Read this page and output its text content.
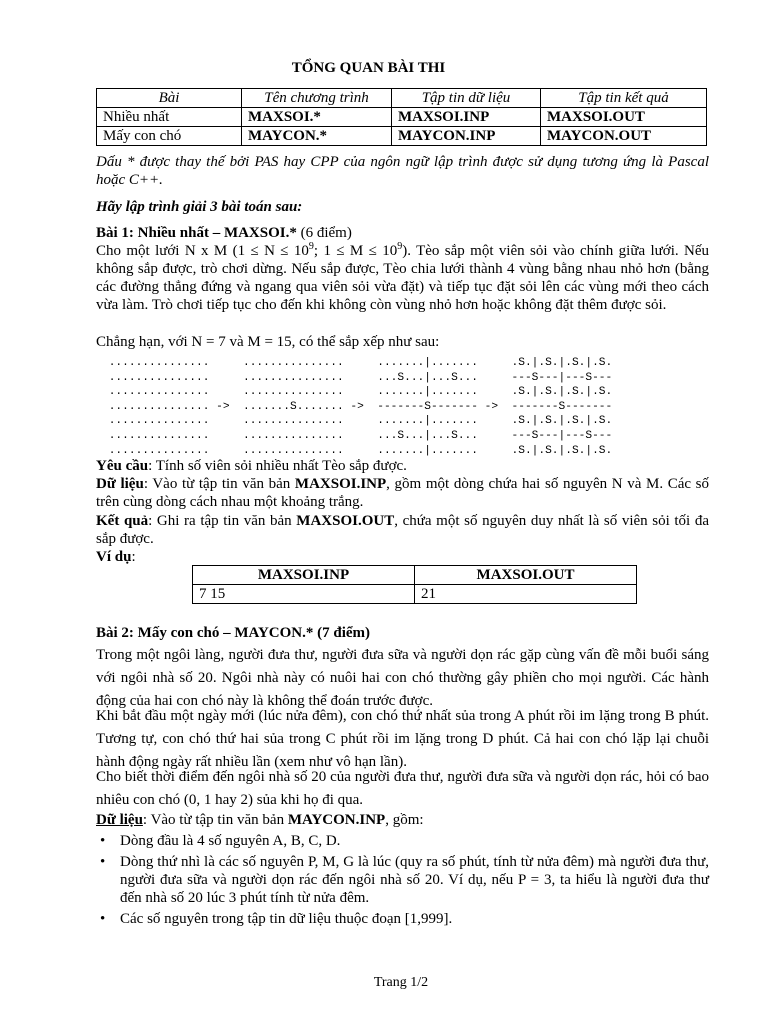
TỔNG QUAN BÀI THI
Bài	Tên chương trình	Tập tin dữ liệu	Tập tin kết quả
Nhiều nhất	MAXSOI.*	MAXSOI.INP	MAXSOI.OUT
Mấy con chó	MAYCON.*	MAYCON.INP	MAYCON.OUT
Dấu * được thay thế bởi PAS hay CPP của ngôn ngữ lập trình được sử dụng tương ứng là Pascal hoặc C++.
Hãy lập trình giải 3 bài toán sau:
Bài 1: Nhiều nhất – MAXSOI.* (6 điểm)
Cho một lưới N x M ($1 \le N \le 10^9$; $1 \le M \le 10^9$). Tèo sắp một viên sỏi vào chính giữa lưới. Nếu không sắp được, trò chơi dừng. Nếu sắp được, Tèo chia lưới thành 4 vùng bằng nhau nhỏ hơn (bằng các đường thẳng đứng và ngang qua viên sỏi vừa đặt) và tiếp tục đặt sỏi lên các vùng mới theo cách vừa làm. Trò chơi tiếp tục cho đến khi không còn vùng nhỏ hơn hoặc không đặt thêm được sỏi.
Chẳng hạn, với N = 7 và M = 15, có thể sắp xếp như sau:
...............     ...............     .......|.......     .S.|.S.|.S.|.S.
...............     ...............     ...S...|...S...     ---S---|---S---
...............     ...............     .......|.......     .S.|.S.|.S.|.S.
............... ->  .......S....... ->  -------S------- ->  -------S-------
...............     ...............     .......|.......     .S.|.S.|.S.|.S.
...............     ...............     ...S...|...S...     ---S---|---S---
...............     ...............     .......|.......     .S.|.S.|.S.|.S.
Yêu cầu: Tính số viên sỏi nhiều nhất Tèo sắp được.
Dữ liệu: Vào từ tập tin văn bản MAXSOI.INP, gồm một dòng chứa hai số nguyên N và M. Các số trên cùng dòng cách nhau một khoảng trắng.
Kết quả: Ghi ra tập tin văn bản MAXSOI.OUT, chứa một số nguyên duy nhất là số viên sỏi tối đa sắp được.
Ví dụ:
MAXSOI.INP	MAXSOI.OUT
7 15	21
Bài 2: Mấy con chó – MAYCON.* (7 điểm)
Trong một ngôi làng, người đưa thư, người đưa sữa và người dọn rác gặp cùng vấn đề mỗi buổi sáng với ngôi nhà số 20. Ngôi nhà này có nuôi hai con chó thường gây phiền cho mọi người. Các hành động của hai con chó này là không thể đoán trước được.
Khi bắt đầu một ngày mới (lúc nửa đêm), con chó thứ nhất sủa trong A phút rồi im lặng trong B phút. Tương tự, con chó thứ hai sủa trong C phút rồi im lặng trong D phút. Cả hai con chó lặp lại chuỗi hành động ngày rất nhiều lần (xem như vô hạn lần).
Cho biết thời điểm đến ngôi nhà số 20 của người đưa thư, người đưa sữa và người dọn rác, hỏi có bao nhiêu con chó (0, 1 hay 2) sủa khi họ đi qua.
Dữ liệu: Vào từ tập tin văn bản MAYCON.INP, gồm:
• Dòng đầu là 4 số nguyên A, B, C, D.
• Dòng thứ nhì là các số nguyên P, M, G là lúc (quy ra số phút, tính từ nửa đêm) mà người đưa thư, người đưa sữa và người dọn rác đến ngôi nhà số 20. Ví dụ, nếu P = 3, ta hiểu là người đưa thư đến nhà số 20 lúc 3 phút tính từ nửa đêm.
• Các số nguyên trong tập tin dữ liệu thuộc đoạn [1,999].
Trang 1/2
